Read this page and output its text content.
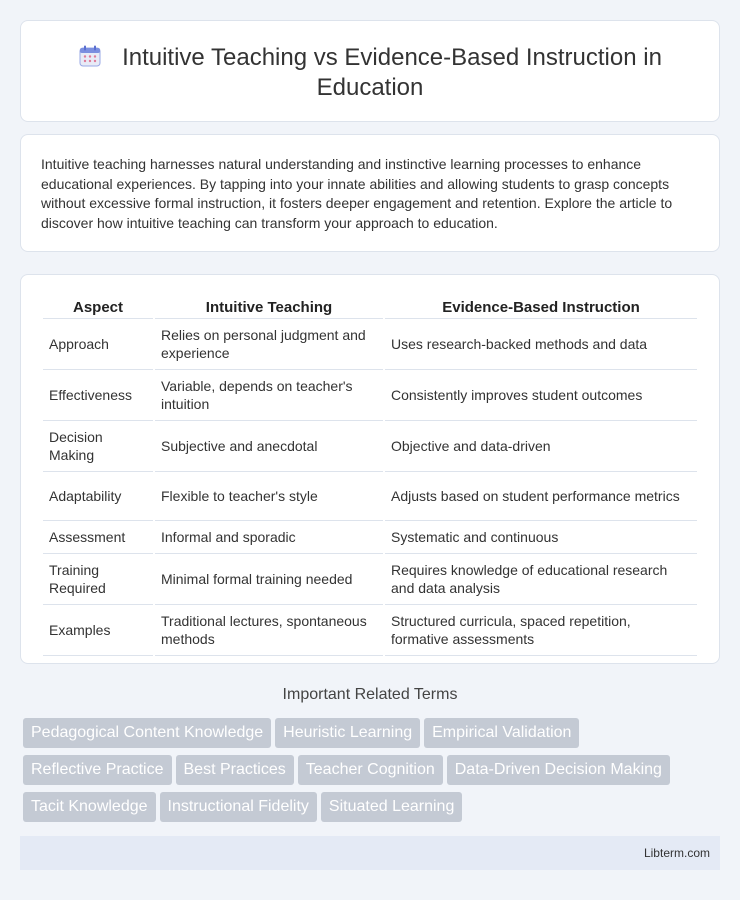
Intuitive Teaching vs Evidence-Based Instruction in
Education

Intuitive teaching harnesses natural understanding and instinctive learning processes to enhance educational experiences. By tapping into your innate abilities and allowing students to grasp concepts without excessive formal instruction, it fosters deeper engagement and retention. Explore the article to discover how intuitive teaching can transform your approach to education.

Aspect	Intuitive Teaching	Evidence-Based Instruction
Approach	Relies on personal judgment and experience	Uses research-backed methods and data
Effectiveness	Variable, depends on teacher's intuition	Consistently improves student outcomes
Decision Making	Subjective and anecdotal	Objective and data-driven
Adaptability	Flexible to teacher's style	Adjusts based on student performance metrics
Assessment	Informal and sporadic	Systematic and continuous
Training Required	Minimal formal training needed	Requires knowledge of educational research and data analysis
Examples	Traditional lectures, spontaneous methods	Structured curricula, spaced repetition, formative assessments
Important Related Terms
Pedagogical Content Knowledge Heuristic Learning Empirical Validation
Reflective Practice Best Practices Teacher Cognition Data-Driven Decision Making
Tacit Knowledge Instructional Fidelity Situated Learning
Libterm.com
